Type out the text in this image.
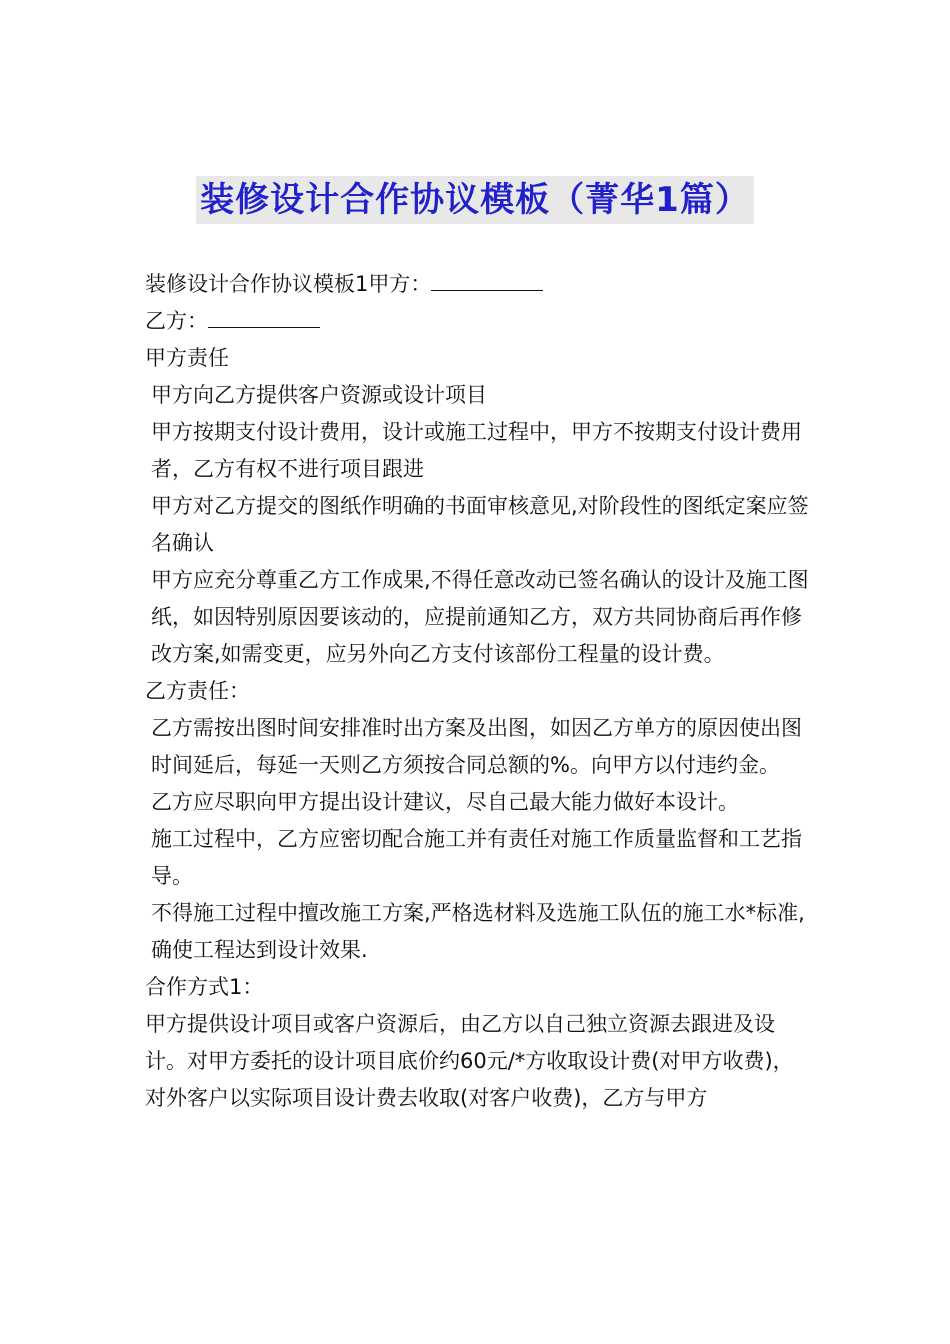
装修设计合作协议模板（菁华1篇）

装修设计合作协议模板1甲方：

乙方：

甲方责任

甲方向乙方提供客户资源或设计项目

甲方按期支付设计费用，设计或施工过程中，甲方不按期支付设计费用者，乙方有权不进行项目跟进

甲方对乙方提交的图纸作明确的书面审核意见,对阶段性的图纸定案应签名确认

甲方应充分尊重乙方工作成果,不得任意改动已签名确认的设计及施工图纸，如因特别原因要该动的，应提前通知乙方，双方共同协商后再作修改方案,如需变更，应另外向乙方支付该部份工程量的设计费。

乙方责任：

乙方需按出图时间安排准时出方案及出图，如因乙方单方的原因使出图时间延后，每延一天则乙方须按合同总额的%。向甲方以付违约金。

乙方应尽职向甲方提出设计建议，尽自己最大能力做好本设计。

施工过程中，乙方应密切配合施工并有责任对施工作质量监督和工艺指导。

不得施工过程中擅改施工方案,严格选材料及选施工队伍的施工水*标准,确使工程达到设计效果.

合作方式1：

甲方提供设计项目或客户资源后，由乙方以自己独立资源去跟进及设计。对甲方委托的设计项目底价约60元/*方收取设计费(对甲方收费)，对外客户以实际项目设计费去收取(对客户收费)，乙方与甲方
